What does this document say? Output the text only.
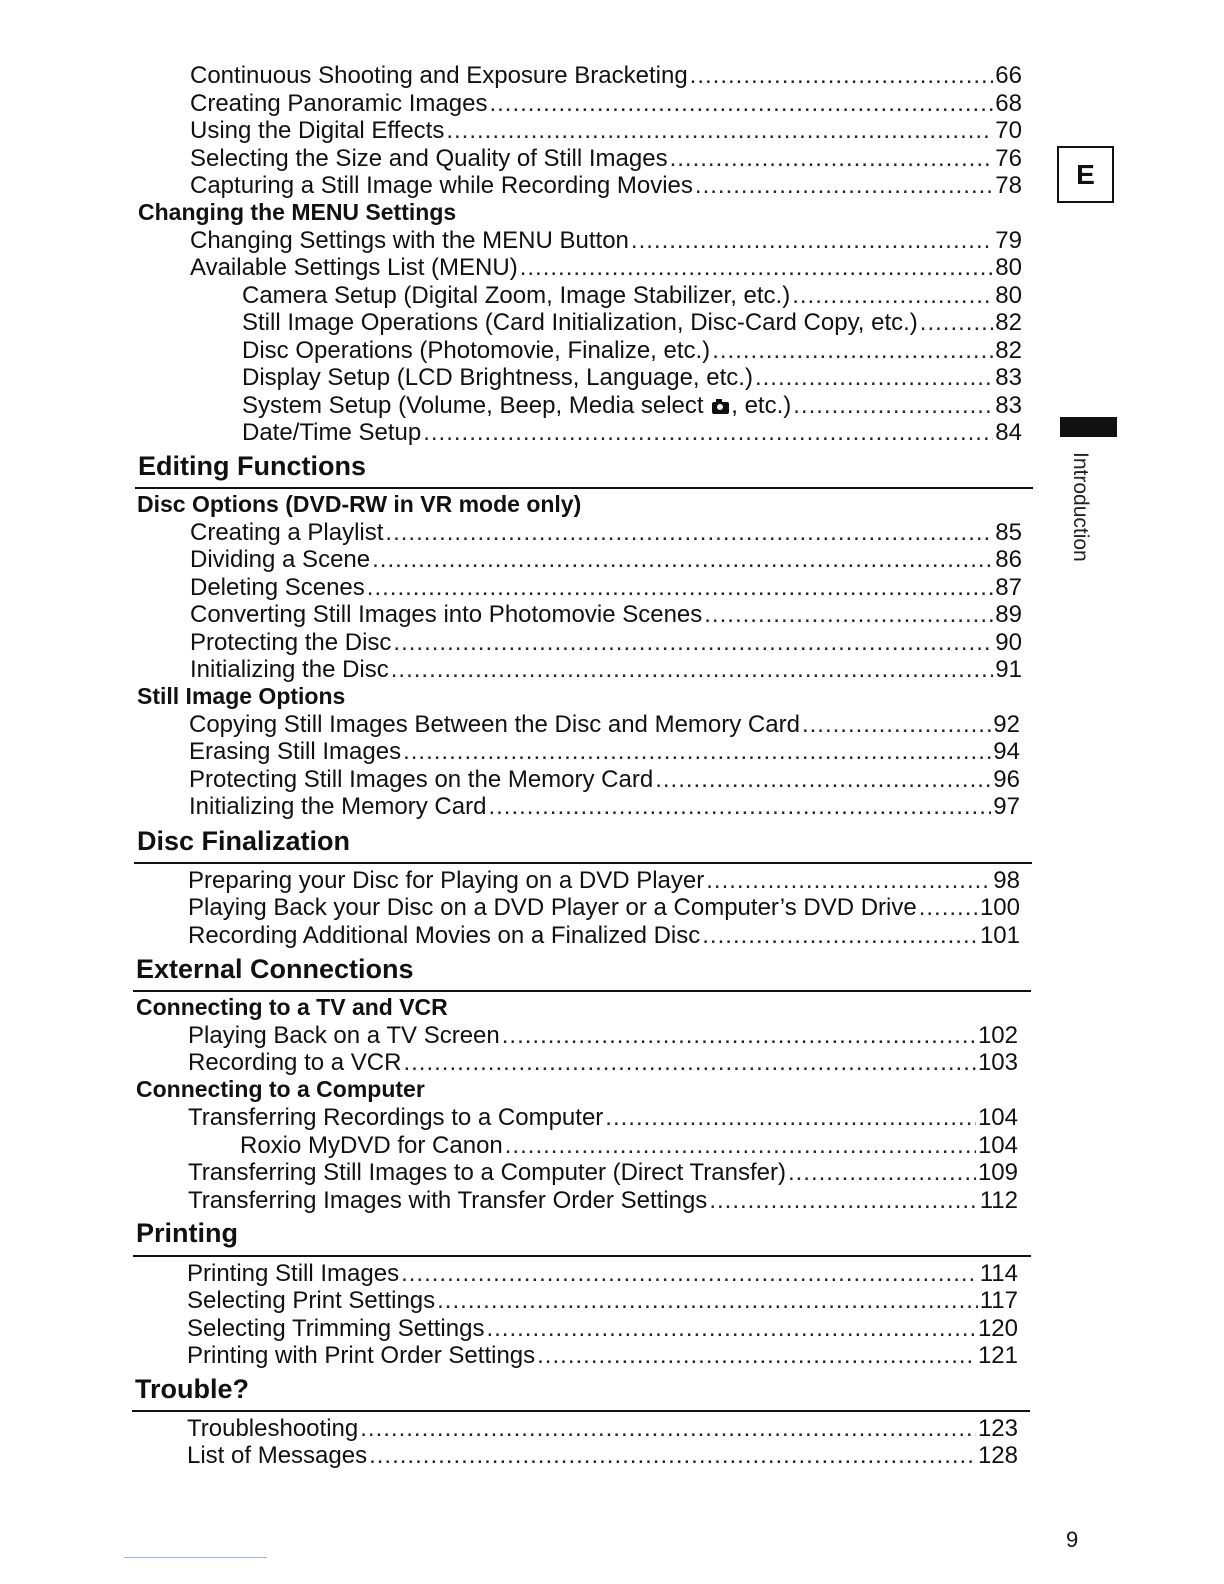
Continuous Shooting and Exposure Bracketing .....	66
Creating Panoramic Images .....	68
Using the Digital Effects .....	70
Selecting the Size and Quality of Still Images .....	76
Capturing a Still Image while Recording Movies .....	78
Changing the MENU Settings
Changing Settings with the MENU Button .....	79
Available Settings List (MENU) .....	80
Camera Setup (Digital Zoom, Image Stabilizer, etc.) .....	80
Still Image Operations (Card Initialization, Disc-Card Copy, etc.) .....	82
Disc Operations (Photomovie, Finalize, etc.) .....	82
Display Setup (LCD Brightness, Language, etc.) .....	83
System Setup (Volume, Beep, Media select , etc.) .....	83
Date/Time Setup .....	84
Editing Functions
Disc Options (DVD-RW in VR mode only)
Creating a Playlist .....	85
Dividing a Scene .....	86
Deleting Scenes .....	87
Converting Still Images into Photomovie Scenes .....	89
Protecting the Disc .....	90
Initializing the Disc .....	91
Still Image Options
Copying Still Images Between the Disc and Memory Card .....	92
Erasing Still Images .....	94
Protecting Still Images on the Memory Card .....	96
Initializing the Memory Card .....	97
Disc Finalization
Preparing your Disc for Playing on a DVD Player .....	98
Playing Back your Disc on a DVD Player or a Computer’s DVD Drive .....	100
Recording Additional Movies on a Finalized Disc .....	101
External Connections
Connecting to a TV and VCR
Playing Back on a TV Screen .....	102
Recording to a VCR .....	103
Connecting to a Computer
Transferring Recordings to a Computer .....	104
Roxio MyDVD for Canon .....	104
Transferring Still Images to a Computer (Direct Transfer) .....	109
Transferring Images with Transfer Order Settings .....	112
Printing
Printing Still Images .....	114
Selecting Print Settings .....	117
Selecting Trimming Settings .....	120
Printing with Print Order Settings .....	121
Trouble?
Troubleshooting .....	123
List of Messages .....	128
E
Introduction
9
